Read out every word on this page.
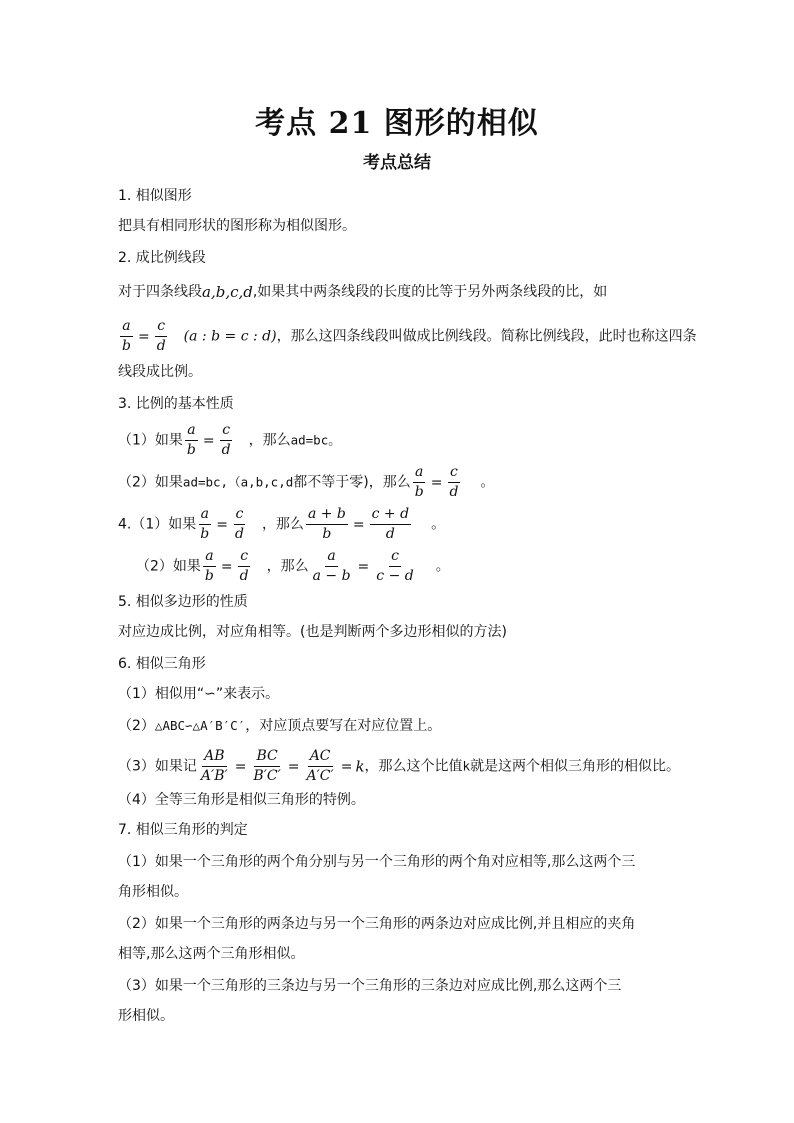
考点 21 图形的相似
考点总结
1. 相似图形
把具有相同形状的图形称为相似图形。
2. 成比例线段
对于四条线段a,b,c,d,如果其中两条线段的长度的比等于另外两条线段的比，如
$\frac{a}{b} = \frac{c}{d} (a$ : b = c : d)，那么这四条线段叫做成比例线段。简称比例线段，此时也称这四条
线段成比例。
3. 比例的基本性质
（1）如果 $\frac{a}{b} = \frac{c}{d}$ ，那么ad=bc。
（2）如果ad=bc,（a,b,c,d都不等于零)，那么 $\frac{a}{b} = \frac{c}{d}$ 。
4.（1）如果 $\frac{a}{b} = \frac{c}{d}$ ，那么 $\frac{a + b}{b} = \frac{c + d}{d}$ 。
（2）如果 $\frac{a}{b} = \frac{c}{d}$ ，那么 $\frac{a}{a - b} = \frac{c}{c - d}$ 。
5. 相似多边形的性质
对应边成比例，对应角相等。(也是判断两个多边形相似的方法)
6. 相似三角形
（1）相似用“∽”来表示。
（2）△ABC∽△A′B′C′，对应顶点要写在对应位置上。
（3）如果记 $\frac{AB}{A'B'} = \frac{BC}{B'C'} = \frac{AC}{A'C'} = k$，那么这个比值k就是这两个相似三角形的相似比。
（4）全等三角形是相似三角形的特例。
7. 相似三角形的判定
（1）如果一个三角形的两个角分别与另一个三角形的两个角对应相等,那么这两个三
角形相似。
（2）如果一个三角形的两条边与另一个三角形的两条边对应成比例,并且相应的夹角
相等,那么这两个三角形相似。
（3）如果一个三角形的三条边与另一个三角形的三条边对应成比例,那么这两个三
形相似。
